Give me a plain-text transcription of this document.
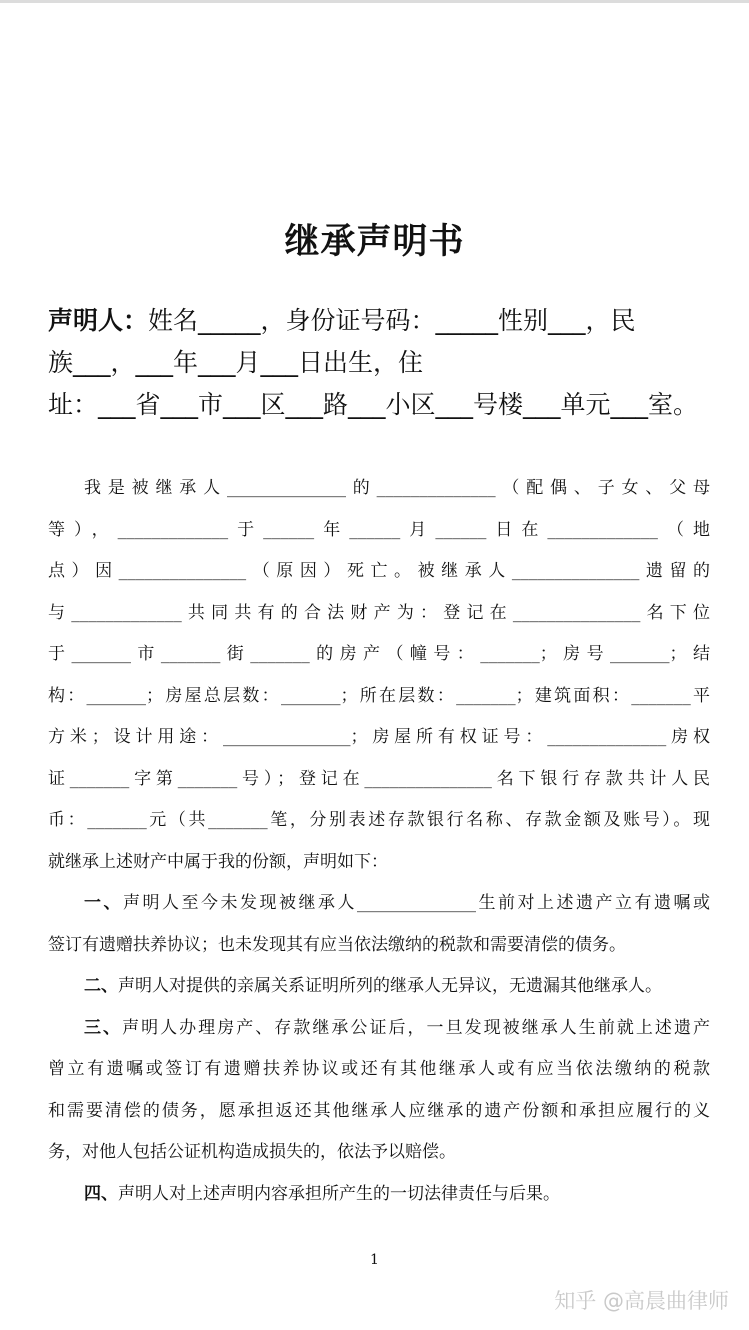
继承声明书

声明人：姓名_____，身份证号码：_____性别___，民

族___，___年___月___日出生，住

址：___省___市___区___路___小区___号楼___单元___室。

我是被继承人______________的______________（配偶、子女、父母

等），_____________于______年______月______日在_____________（地

点）因_______________（原因）死亡。被继承人_______________遗留的

与_____________共同共有的合法财产为：登记在_______________名下位

于_______市_______街_______的房产（幢号：_______；房号_______；结

构：_______；房屋总层数：_______；所在层数：_______；建筑面积：_______平

方米；设计用途：_______________；房屋所有权证号：______________房权

证_______字第_______号）；登记在_______________名下银行存款共计人民

币：_______元（共_______笔，分别表述存款银行名称、存款金额及账号）。现

就继承上述财产中属于我的份额，声明如下：

一、声明人至今未发现被继承人______________生前对上述遗产立有遗嘱或

签订有遗赠扶养协议；也未发现其有应当依法缴纳的税款和需要清偿的债务。

二、声明人对提供的亲属关系证明所列的继承人无异议，无遗漏其他继承人。

三、声明人办理房产、存款继承公证后，一旦发现被继承人生前就上述遗产

曾立有遗嘱或签订有遗赠扶养协议或还有其他继承人或有应当依法缴纳的税款

和需要清偿的债务，愿承担返还其他继承人应继承的遗产份额和承担应履行的义

务，对他人包括公证机构造成损失的，依法予以赔偿。

四、声明人对上述声明内容承担所产生的一切法律责任与后果。

1
知乎 @高晨曲律师
